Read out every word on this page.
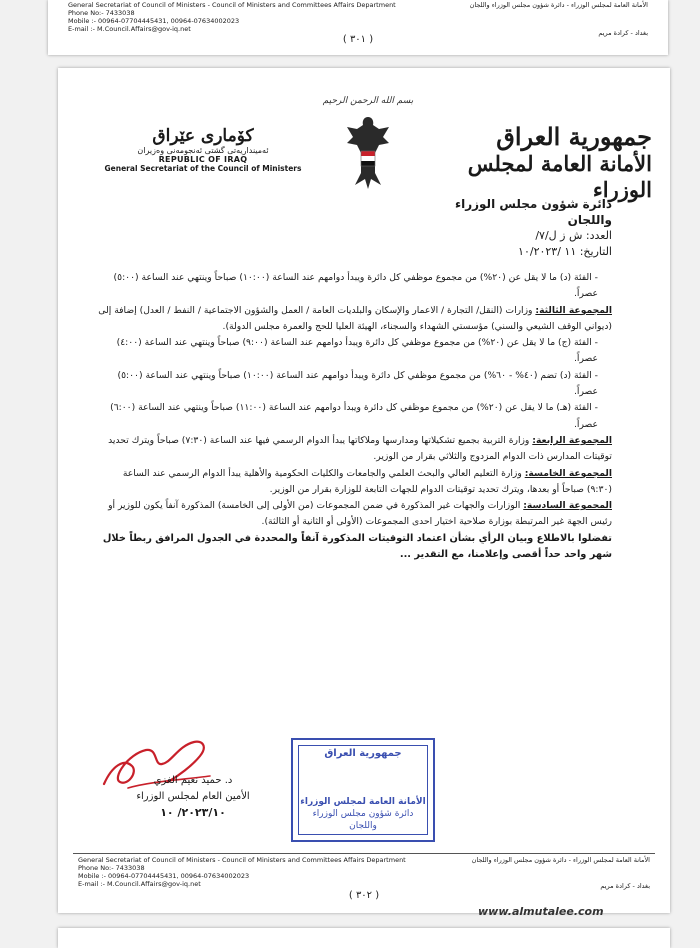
General Secretariat of Council of Ministers - Council of Ministers and Committees Affairs Department
Phone No:- 7433038
Mobile :- 00964-07704445431, 00964-07634002023
E-mail :- M.Council.Affairs@gov-iq.net
الأمانة العامة لمجلس الوزراء - دائرة شؤون مجلس الوزراء واللجان
بغداد - كرادة مريم
( ٣٠١ )
بسم الله الرحمن الرحيم
جمهورية العراق
الأمانة العامة لمجلس الوزراء
كۆماری عێراق
ئەمینداریەتی گشتی ئەنجومەنی وەزیران
REPUBLIC OF IRAQ
General Secretariat of the Council of Ministers
دائرة شؤون مجلس الوزراء واللجان
العدد: ش ز ل/٧/
التاريخ: ١١ /١٠/٢٠٢٣

- الفئة (د) ما لا يقل عن (٢٠%) من مجموع موظفي كل دائرة ويبدأ دوامهم عند الساعة (١٠:٠٠) صباحاً وينتهي عند الساعة (٥:٠٠) عصراً.

المجموعة الثالثة: وزارات (النقل/ التجارة / الاعمار والإسكان والبلديات العامة / العمل والشؤون الاجتماعية / النفط / العدل) إضافة إلى (ديواني الوقف الشيعي والسني) مؤسستي الشهداء والسجناء، الهيئة العليا للحج والعمرة مجلس الدولة).

- الفئة (ج) ما لا يقل عن (٢٠%) من مجموع موظفي كل دائرة ويبدأ دوامهم عند الساعة (٩:٠٠) صباحاً وينتهي عند الساعة (٤:٠٠) عصراً.

- الفئة (د) تضم (٤٠% - ٦٠%) من مجموع موظفي كل دائرة ويبدأ دوامهم عند الساعة (١٠:٠٠) صباحاً وينتهي عند الساعة (٥:٠٠) عصراً.

- الفئة (هـ) ما لا يقل عن (٢٠%) من مجموع موظفي كل دائرة ويبدأ دوامهم عند الساعة (١١:٠٠) صباحاً وينتهي عند الساعة (٦:٠٠) عصراً.

المجموعة الرابعة: وزارة التربية بجميع تشكيلاتها ومدارسها وملاكاتها يبدأ الدوام الرسمي فيها عند الساعة (٧:٣٠) صباحاً ويترك تحديد توقيتات المدارس ذات الدوام المزدوج والثلاثي بقرار من الوزير.

المجموعة الخامسة: وزارة التعليم العالي والبحث العلمي والجامعات والكليات الحكومية والأهلية يبدأ الدوام الرسمي عند الساعة (٩:٣٠) صباحاً أو بعدها، ويترك تحديد توقيتات الدوام للجهات التابعة للوزارة بقرار من الوزير.

المجموعة السادسة: الوزارات والجهات غير المذكورة في ضمن المجموعات (من الأولى إلى الخامسة) المذكورة آنفاً يكون للوزير أو رئيس الجهة غير المرتبطة بوزارة صلاحية اختيار احدى المجموعات (الأولى أو الثانية أو الثالثة).

تفضلوا بالاطلاع وبيان الرأي بشأن اعتماد التوقيتات المذكورة آنفاً والمحددة في الجدول المرافق ربطاً خلال شهر واحد حداً أقصى وإعلامنا، مع التقدير ...

د. حميد نعيم الغزي
الأمين العام لمجلس الوزراء
٢٠٢٣/١٠/ ١٠
جمهورية العراق
الأمانة العامة لمجلس الوزراء
دائرة شؤون مجلس الوزراء واللجان
General Secretariat of Council of Ministers - Council of Ministers and Committees Affairs Department
Phone No:- 7433038
Mobile :- 00964-07704445431, 00964-07634002023
E-mail :- M.Council.Affairs@gov-iq.net
الأمانة العامة لمجلس الوزراء - دائرة شؤون مجلس الوزراء واللجان
بغداد - كرادة مريم
( ٣٠٢ )
www.almutalee.com
